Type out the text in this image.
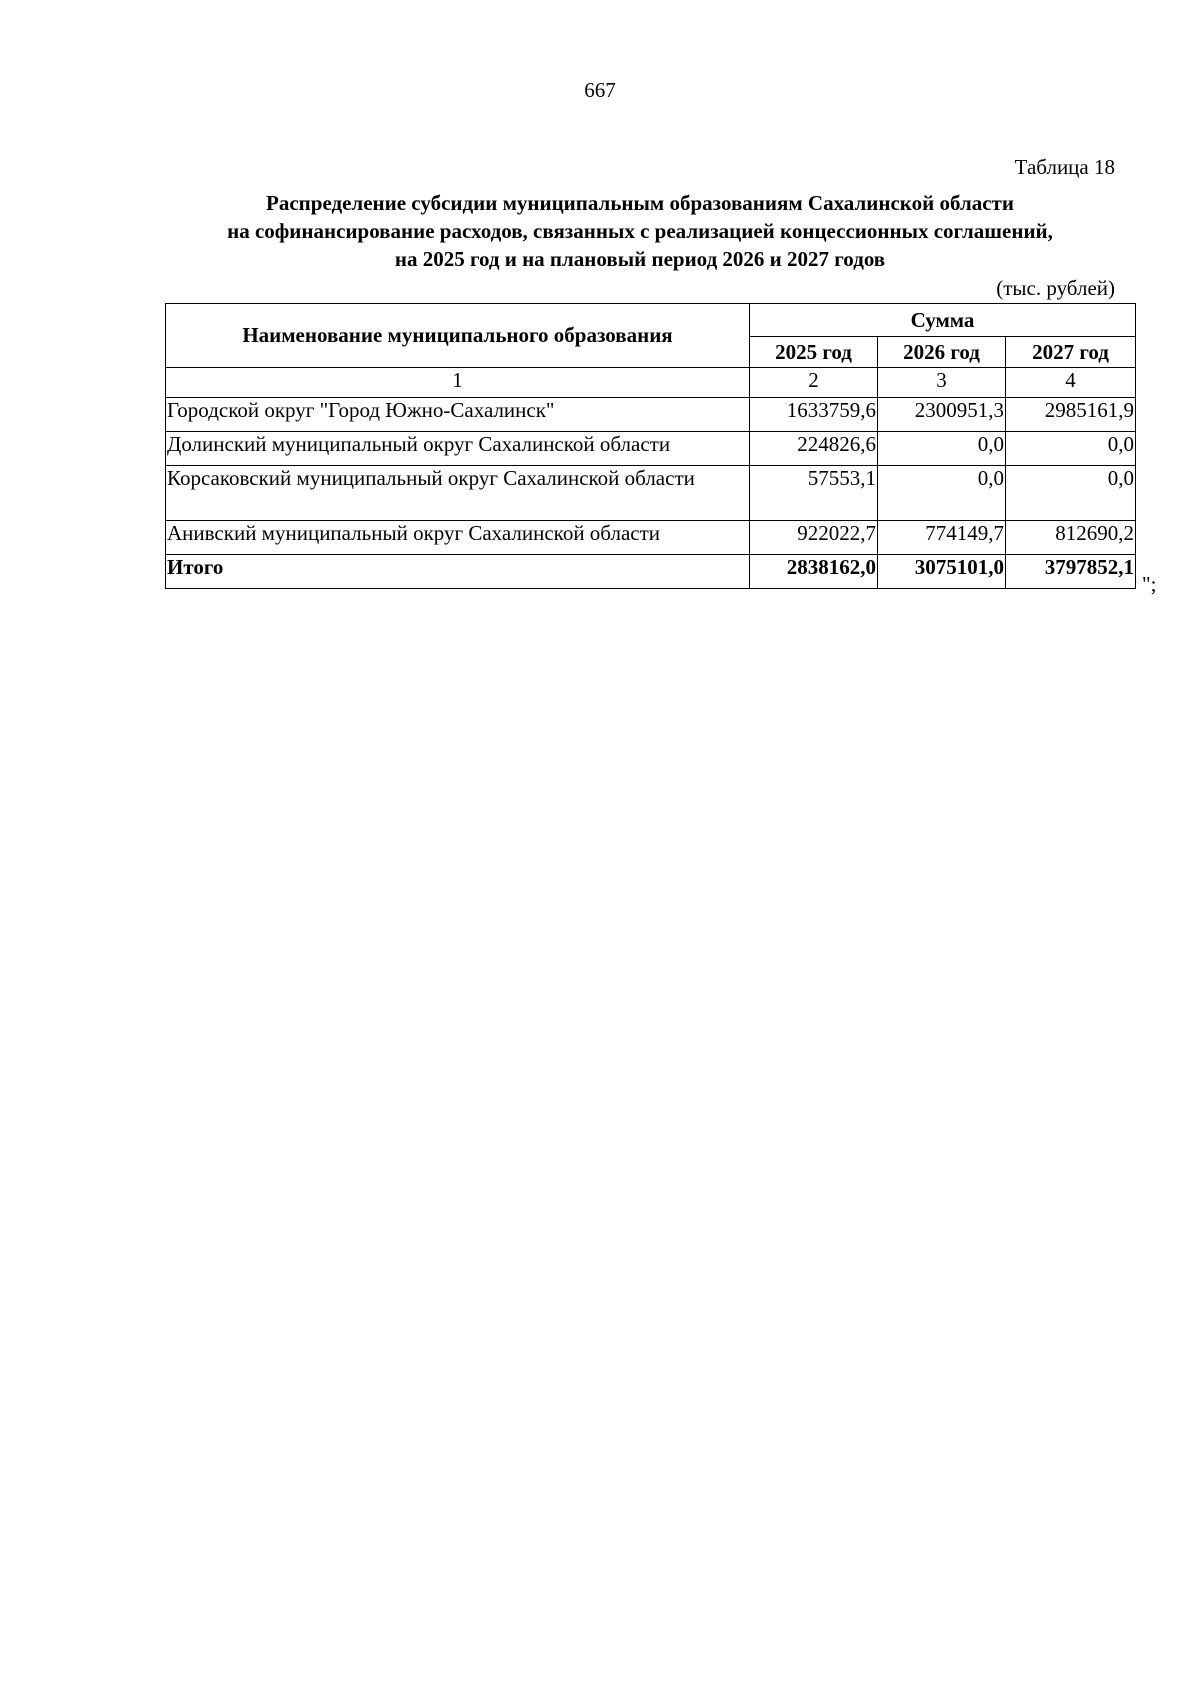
667
Таблица 18
Распределение субсидии муниципальным образованиям Сахалинской области
на софинансирование расходов, связанных с реализацией концессионных соглашений,
на 2025 год и на плановый период 2026 и 2027 годов
(тыс. рублей)
Наименование муниципального образования	Сумма		
	2025 год	2026 год	2027 год
1	2	3	4
Городской округ "Город Южно-Сахалинск"	1633759,6	2300951,3	2985161,9
Долинский муниципальный округ Сахалинской области	224826,6	0,0	0,0
Корсаковский муниципальный округ Сахалинской области	57553,1	0,0	0,0
Анивский муниципальный округ Сахалинской области	922022,7	774149,7	812690,2
Итого	2838162,0	3075101,0	3797852,1
";
